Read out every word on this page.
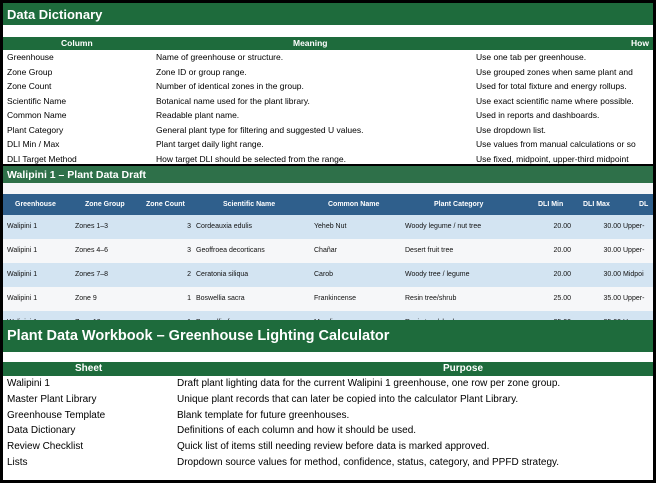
Data Dictionary
Column	Meaning	How
Greenhouse	Name of greenhouse or structure.	Use one tab per greenhouse.
Zone Group	Zone ID or group range.	Use grouped zones when same plant and
Zone Count	Number of identical zones in the group.	Used for total fixture and energy rollups.
Scientific Name	Botanical name used for the plant library.	Use exact scientific name where possible.
Common Name	Readable plant name.	Used in reports and dashboards.
Plant Category	General plant type for filtering and suggested U values.	Use dropdown list.
DLI Min / Max	Plant target daily light range.	Use values from manual calculations or so
DLI Target Method	How target DLI should be selected from the range.	Use fixed, midpoint, upper-third midpoint
Walipini 1 – Plant Data Draft
Greenhouse	Zone Group	Zone Count	Scientific Name	Common Name	Plant Category	DLI Min	DLI Max	DL
Walipini 1	Zones 1–3	3 Cordeauxia edulis	Yeheb Nut	Woody legume / nut tree	20.00	30.00 Upper-
Walipini 1	Zones 4–6	3 Geoffroea decorticans	Chañar	Desert fruit tree	20.00	30.00 Upper-
Walipini 1	Zones 7–8	2 Ceratonia siliqua	Carob	Woody tree / legume	20.00	30.00 Midpoi
Walipini 1	Zone 9	1 Boswellia sacra	Frankincense	Resin tree/shrub	25.00	35.00 Upper-
Plant Data Workbook – Greenhouse Lighting Calculator
Sheet	Purpose
Walipini 1	Draft plant lighting data for the current Walipini 1 greenhouse, one row per zone group.
Master Plant Library	Unique plant records that can later be copied into the calculator Plant Library.
Greenhouse Template	Blank template for future greenhouses.
Data Dictionary	Definitions of each column and how it should be used.
Review Checklist	Quick list of items still needing review before data is marked approved.
Lists	Dropdown source values for method, confidence, status, category, and PPFD strategy.
